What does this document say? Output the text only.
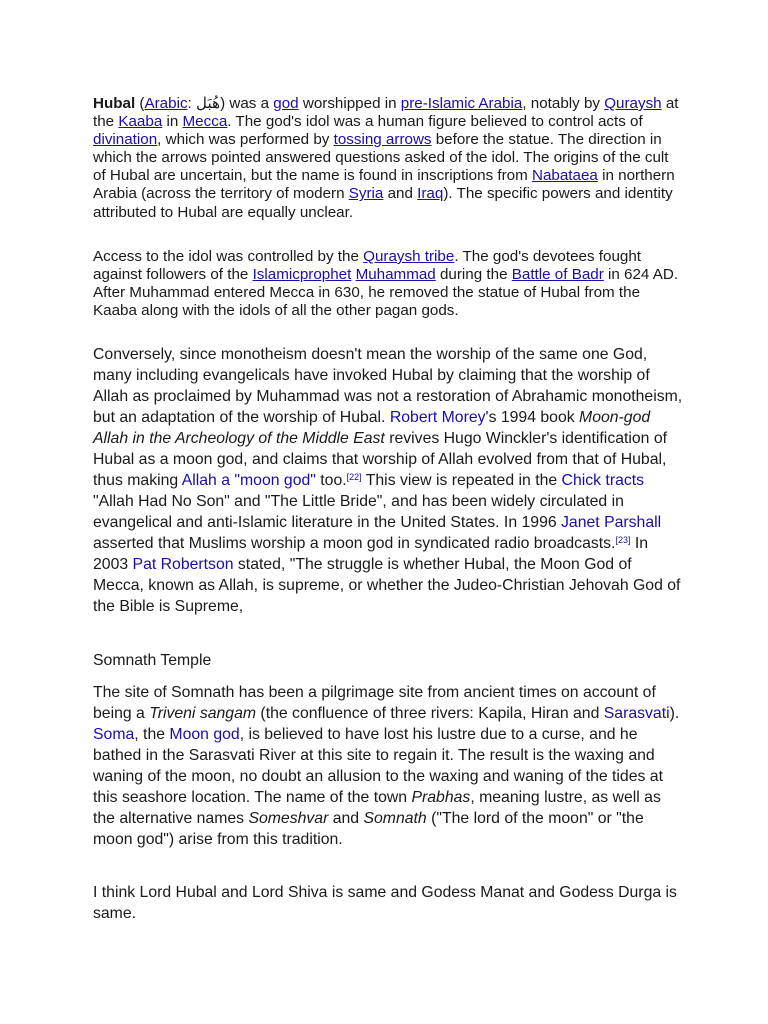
Hubal (Arabic: هُبَل) was a god worshipped in pre-Islamic Arabia, notably by Quraysh at the Kaaba in Mecca. The god's idol was a human figure believed to control acts of divination, which was performed by tossing arrows before the statue. The direction in which the arrows pointed answered questions asked of the idol. The origins of the cult of Hubal are uncertain, but the name is found in inscriptions from Nabataea in northern Arabia (across the territory of modern Syria and Iraq). The specific powers and identity attributed to Hubal are equally unclear.

Access to the idol was controlled by the Quraysh tribe. The god's devotees fought against followers of the Islamicprophet Muhammad during the Battle of Badr in 624 AD. After Muhammad entered Mecca in 630, he removed the statue of Hubal from the Kaaba along with the idols of all the other pagan gods.

Conversely, since monotheism doesn't mean the worship of the same one God, many including evangelicals have invoked Hubal by claiming that the worship of Allah as proclaimed by Muhammad was not a restoration of Abrahamic monotheism, but an adaptation of the worship of Hubal. Robert Morey's 1994 book Moon-god Allah in the Archeology of the Middle East revives Hugo Winckler's identification of Hubal as a moon god, and claims that worship of Allah evolved from that of Hubal, thus making Allah a "moon god" too.[22] This view is repeated in the Chick tracts "Allah Had No Son" and "The Little Bride", and has been widely circulated in evangelical and anti-Islamic literature in the United States. In 1996 Janet Parshall asserted that Muslims worship a moon god in syndicated radio broadcasts.[23] In 2003 Pat Robertson stated, "The struggle is whether Hubal, the Moon God of Mecca, known as Allah, is supreme, or whether the Judeo-Christian Jehovah God of the Bible is Supreme,

Somnath Temple

The site of Somnath has been a pilgrimage site from ancient times on account of being a Triveni sangam (the confluence of three rivers: Kapila, Hiran and Sarasvati). Soma, the Moon god, is believed to have lost his lustre due to a curse, and he bathed in the Sarasvati River at this site to regain it. The result is the waxing and waning of the moon, no doubt an allusion to the waxing and waning of the tides at this seashore location. The name of the town Prabhas, meaning lustre, as well as the alternative names Someshvar and Somnath ("The lord of the moon" or "the moon god") arise from this tradition.

I think Lord Hubal and Lord Shiva is same and Godess Manat and Godess Durga is same.
